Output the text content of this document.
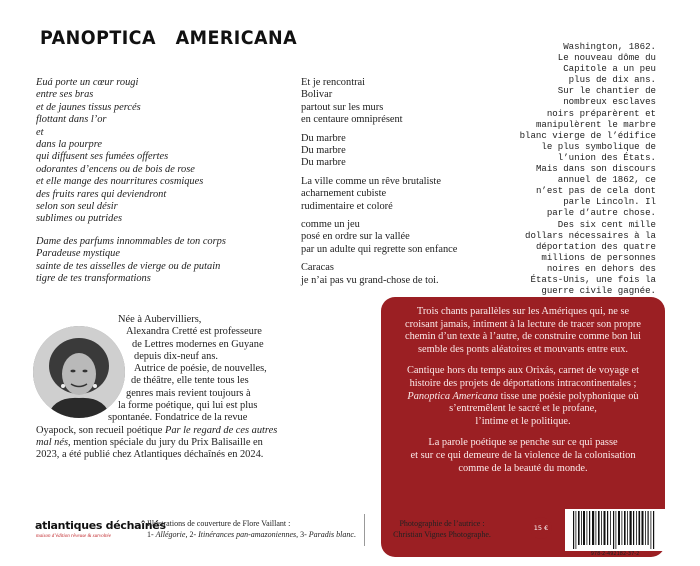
PANOPTICA   AMERICANA
Euá porte un cœur rougi
entre ses bras
et de jaunes tissus percés
flottant dans l’or
et
dans la pourpre
qui diffusent ses fumées offertes
odorantes d’encens ou de bois de rose
et elle mange des nourritures cosmiques
des fruits rares qui deviendront
selon son seul désir
sublimes ou putrides
Dame des parfums innommables de ton corps
Paradeuse mystique
sainte de tes aisselles de vierge ou de putain
tigre de tes transformations
Et je rencontrai
Bolivar
partout sur les murs
en centaure omniprésent
Du marbre
Du marbre
Du marbre
La ville comme un rêve brutaliste
acharnement cubiste
rudimentaire et coloré
comme un jeu
posé en ordre sur la vallée
par un adulte qui regrette son enfance
Caracas
je n’ai pas vu grand-chose de toi.
Washington, 1862.
Le nouveau dôme du
Capitole a un peu
plus de dix ans.
Sur le chantier de
nombreux esclaves
noirs préparèrent et
manipulèrent le marbre
blanc vierge de l’édifice
le plus symbolique de
l’union des États.
Mais dans son discours
annuel de 1862, ce
n’est pas de cela dont
parle Lincoln. Il
parle d’autre chose.
Des six cent mille
dollars nécessaires à la
déportation des quatre
millions de personnes
noires en dehors des
États-Unis, une fois la
guerre civile gagnée.
Trois chants parallèles sur les Amériques qui, ne se
croisant jamais, intiment à la lecture de tracer son propre
chemin d’un texte à l’autre, de construire comme bon lui
semble des ponts aléatoires et mouvants entre eux.
Cantique hors du temps aux Orixás, carnet de voyage et
histoire des projets de déportations intracontinentales ;
Panoptica Americana tisse une poésie polyphonique où
s’entremêlent le sacré et le profane,
l’intime et le politique.
La parole poétique se penche sur ce qui passe
et sur ce qui demeure de la violence de la colonisation
comme de la beauté du monde.
Née à Aubervilliers,
Alexandra Cretté est professeure
de Lettres modernes en Guyane
depuis dix-neuf ans.
Autrice de poésie, de nouvelles,
de théâtre, elle tente tous les
genres mais revient toujours à
la forme poétique, qui lui est plus
spontanée. Fondatrice de la revue
Oyapock, son recueil poétique Par le regard de ces autres
mal nés, mention spéciale du jury du Prix Balisaille en
2023, a été publié chez Atlantiques déchaînés en 2024.
atlantiques déchaînés
maison d’édition rêveuse & survoltée
Illustrations de couverture de Flore Vaillant :
1- Allégorie, 2- Itinérances pan-amazoniennes, 3- Paradis blanc.
Photographie de l’autrice :
Christian Vignes Photographe.
15 €
978-2-492182-37-2
